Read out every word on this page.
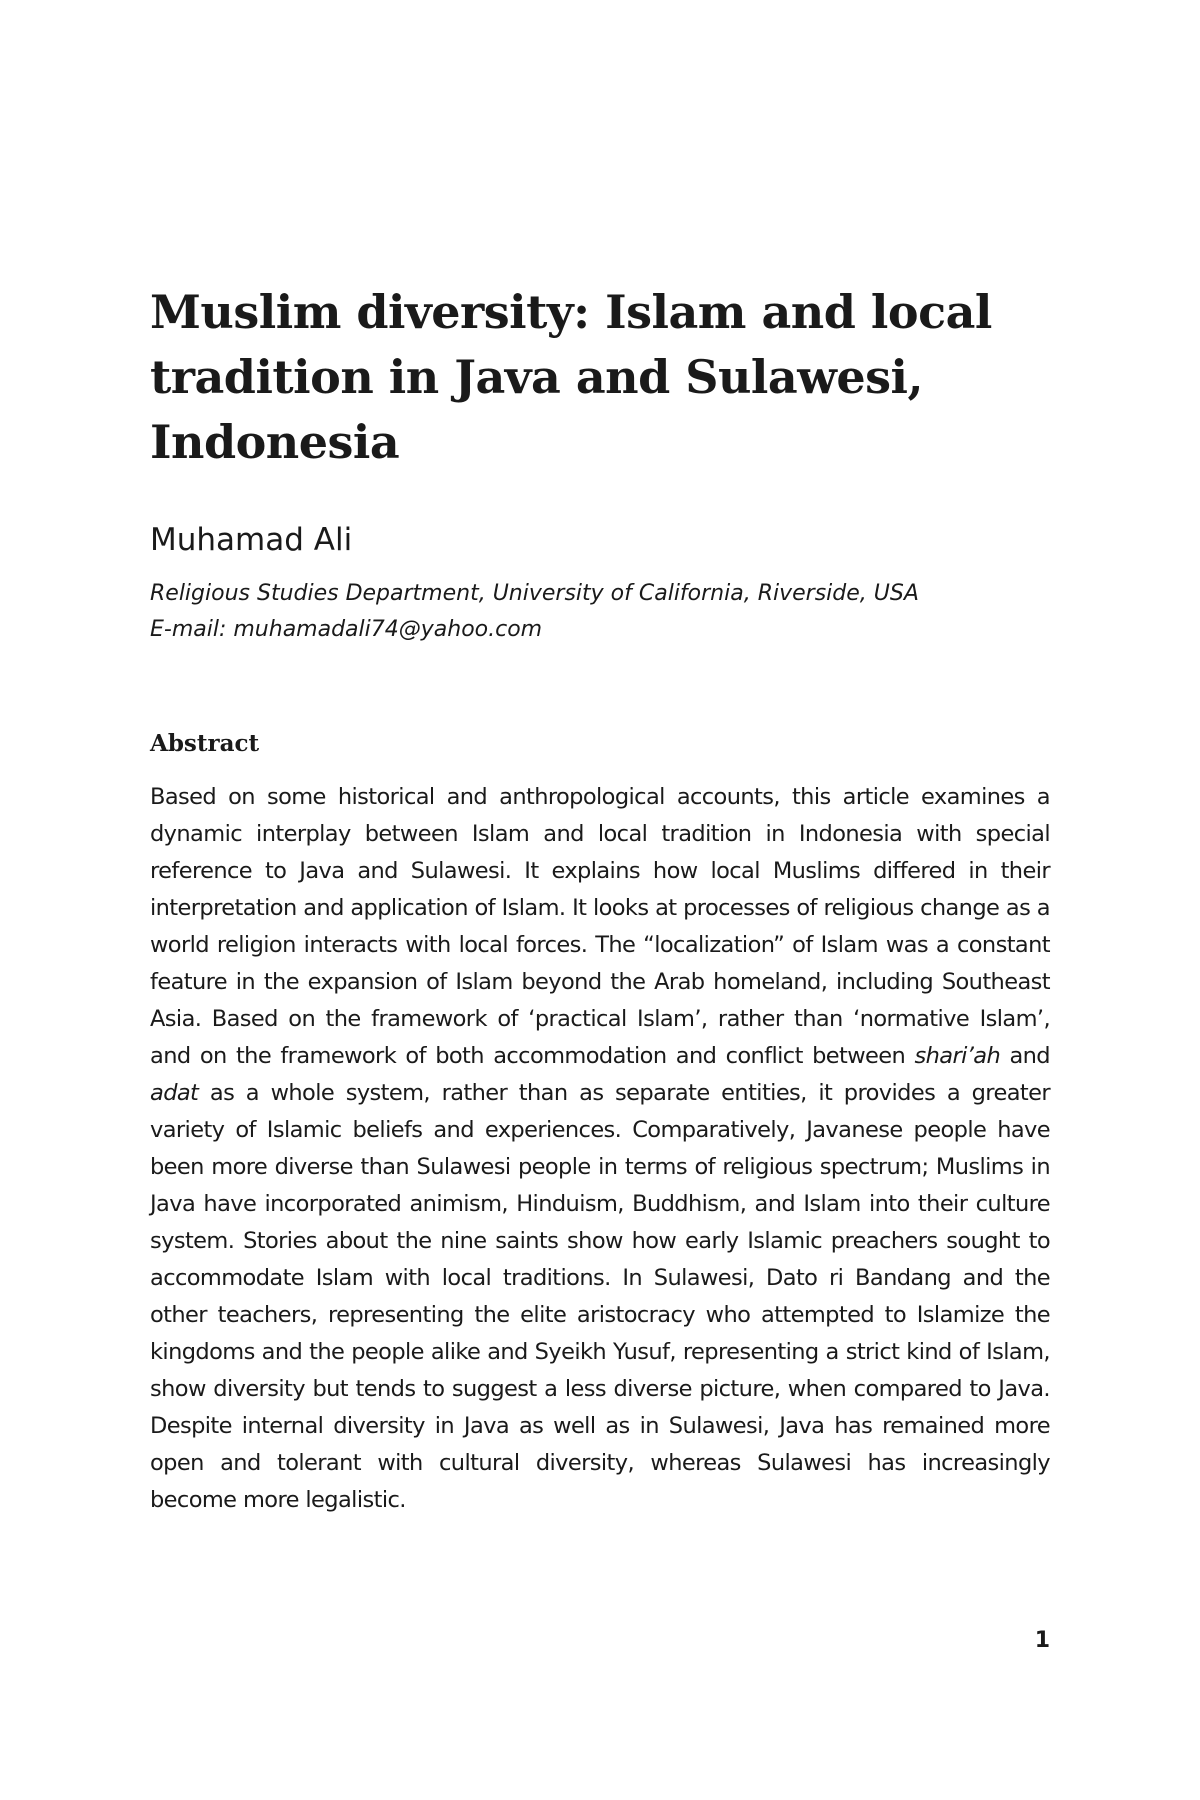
Muslim diversity: Islam and local tradition in Java and Sulawesi, Indonesia

Muhamad Ali

Religious Studies Department, University of California, Riverside, USA
E-mail: muhamadali74@yahoo.com
Abstract

Based on some historical and anthropological accounts, this article examines a dynamic interplay between Islam and local tradition in Indonesia with special reference to Java and Sulawesi. It explains how local Muslims differed in their interpretation and application of Islam. It looks at processes of religious change as a world religion interacts with local forces. The “localization” of Islam was a constant feature in the expansion of Islam beyond the Arab homeland, including Southeast Asia. Based on the framework of ‘practical Islam’, rather than ‘normative Islam’, and on the framework of both accommodation and conflict between shari’ah and adat as a whole system, rather than as separate entities, it provides a greater variety of Islamic beliefs and experiences. Comparatively, Javanese people have been more diverse than Sulawesi people in terms of religious spectrum; Muslims in Java have incorporated animism, Hinduism, Buddhism, and Islam into their culture system. Stories about the nine saints show how early Islamic preachers sought to accommodate Islam with local traditions. In Sulawesi, Dato ri Bandang and the other teachers, representing the elite aristocracy who attempted to Islamize the kingdoms and the people alike and Syeikh Yusuf, representing a strict kind of Islam, show diversity but tends to suggest a less diverse picture, when compared to Java. Despite internal diversity in Java as well as in Sulawesi, Java has remained more open and tolerant with cultural diversity, whereas Sulawesi has increasingly become more legalistic.

1
